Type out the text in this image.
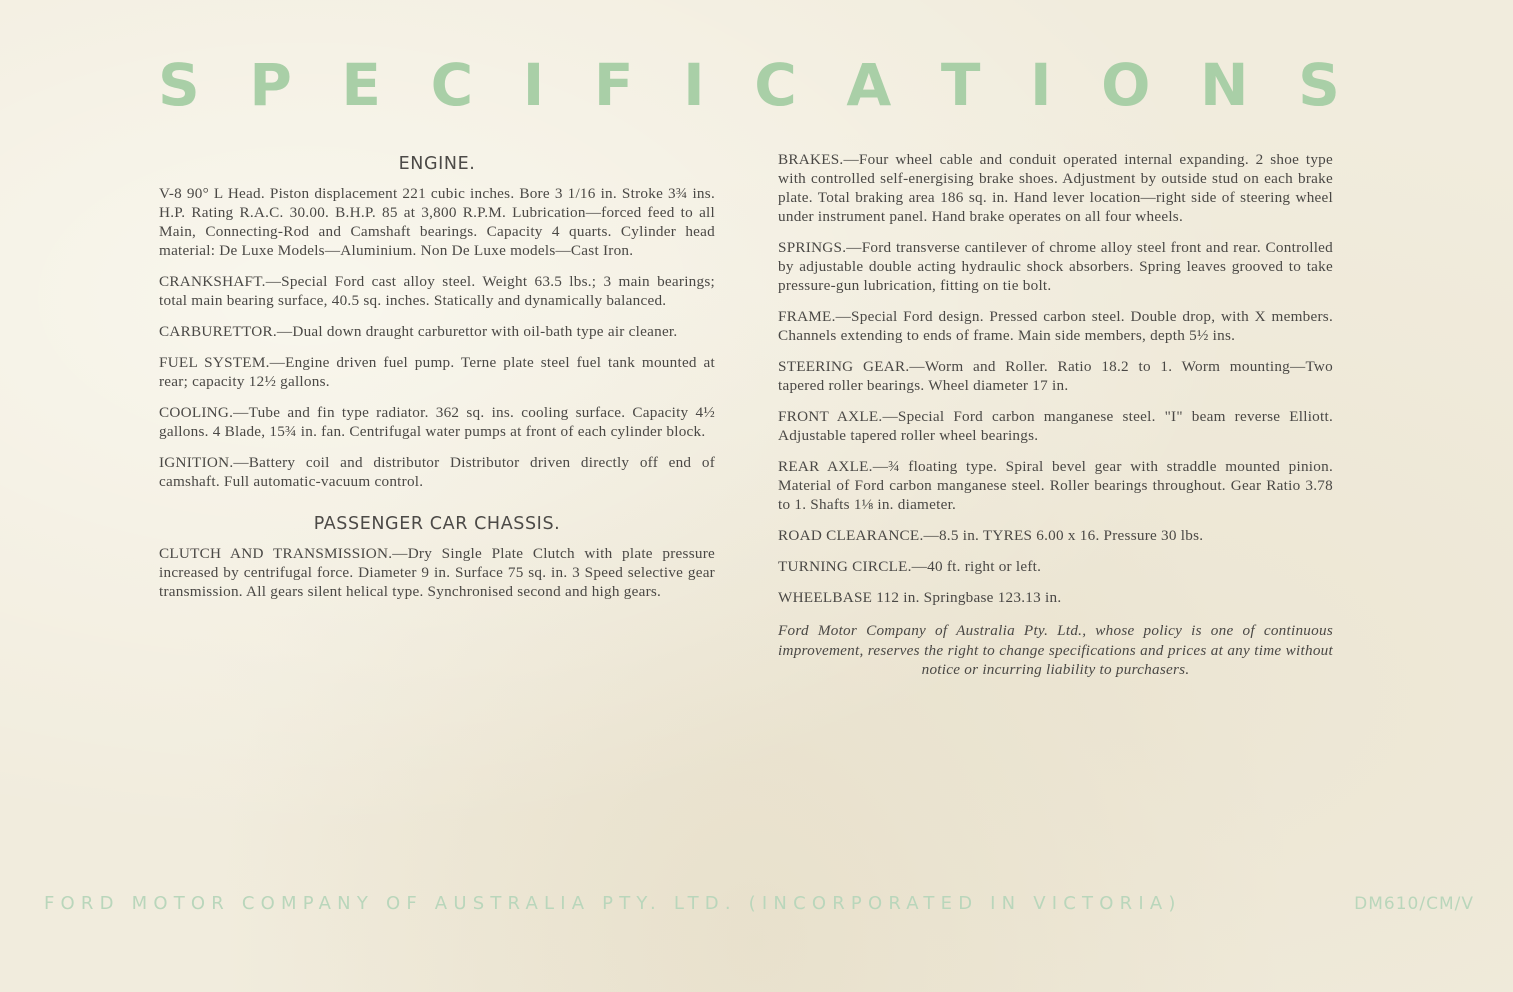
S P E C I F I C A T I O N S
ENGINE.

V-8 90° L Head. Piston displacement 221 cubic inches. Bore 3 1/16 in. Stroke 3¾ ins. H.P. Rating R.A.C. 30.00. B.H.P. 85 at 3,800 R.P.M. Lubrication—forced feed to all Main, Connecting-Rod and Camshaft bearings. Capacity 4 quarts. Cylinder head material: De Luxe Models—Aluminium. Non De Luxe models—Cast Iron.

CRANKSHAFT.—Special Ford cast alloy steel. Weight 63.5 lbs.; 3 main bearings; total main bearing surface, 40.5 sq. inches. Statically and dynamically balanced.

CARBURETTOR.—Dual down draught carburettor with oil-bath type air cleaner.

FUEL SYSTEM.—Engine driven fuel pump. Terne plate steel fuel tank mounted at rear; capacity 12½ gallons.

COOLING.—Tube and fin type radiator. 362 sq. ins. cooling surface. Capacity 4½ gallons. 4 Blade, 15¾ in. fan. Centrifugal water pumps at front of each cylinder block.

IGNITION.—Battery coil and distributor Distributor driven directly off end of camshaft. Full automatic-vacuum control.

PASSENGER CAR CHASSIS.

CLUTCH AND TRANSMISSION.—Dry Single Plate Clutch with plate pressure increased by centrifugal force. Diameter 9 in. Surface 75 sq. in. 3 Speed selective gear transmission. All gears silent helical type. Synchronised second and high gears.

BRAKES.—Four wheel cable and conduit operated internal expanding. 2 shoe type with controlled self-energising brake shoes. Adjustment by outside stud on each brake plate. Total braking area 186 sq. in. Hand lever location—right side of steering wheel under instrument panel. Hand brake operates on all four wheels.

SPRINGS.—Ford transverse cantilever of chrome alloy steel front and rear. Controlled by adjustable double acting hydraulic shock absorbers. Spring leaves grooved to take pressure-gun lubrication, fitting on tie bolt.

FRAME.—Special Ford design. Pressed carbon steel. Double drop, with X members. Channels extending to ends of frame. Main side members, depth 5½ ins.

STEERING GEAR.—Worm and Roller. Ratio 18.2 to 1. Worm mounting—Two tapered roller bearings. Wheel diameter 17 in.

FRONT AXLE.—Special Ford carbon manganese steel. "I" beam reverse Elliott. Adjustable tapered roller wheel bearings.

REAR AXLE.—¾ floating type. Spiral bevel gear with straddle mounted pinion. Material of Ford carbon manganese steel. Roller bearings throughout. Gear Ratio 3.78 to 1. Shafts 1⅛ in. diameter.

ROAD CLEARANCE.—8.5 in. TYRES 6.00 x 16. Pressure 30 lbs.

TURNING CIRCLE.—40 ft. right or left.

WHEELBASE 112 in. Springbase 123.13 in.

Ford Motor Company of Australia Pty. Ltd., whose policy is one of continuous improvement, reserves the right to change specifications and prices at any time without notice or incurring liability to purchasers.

FORD MOTOR COMPANY OF AUSTRALIA PTY. LTD. (INCORPORATED IN VICTORIA)	DM610/CM/V
